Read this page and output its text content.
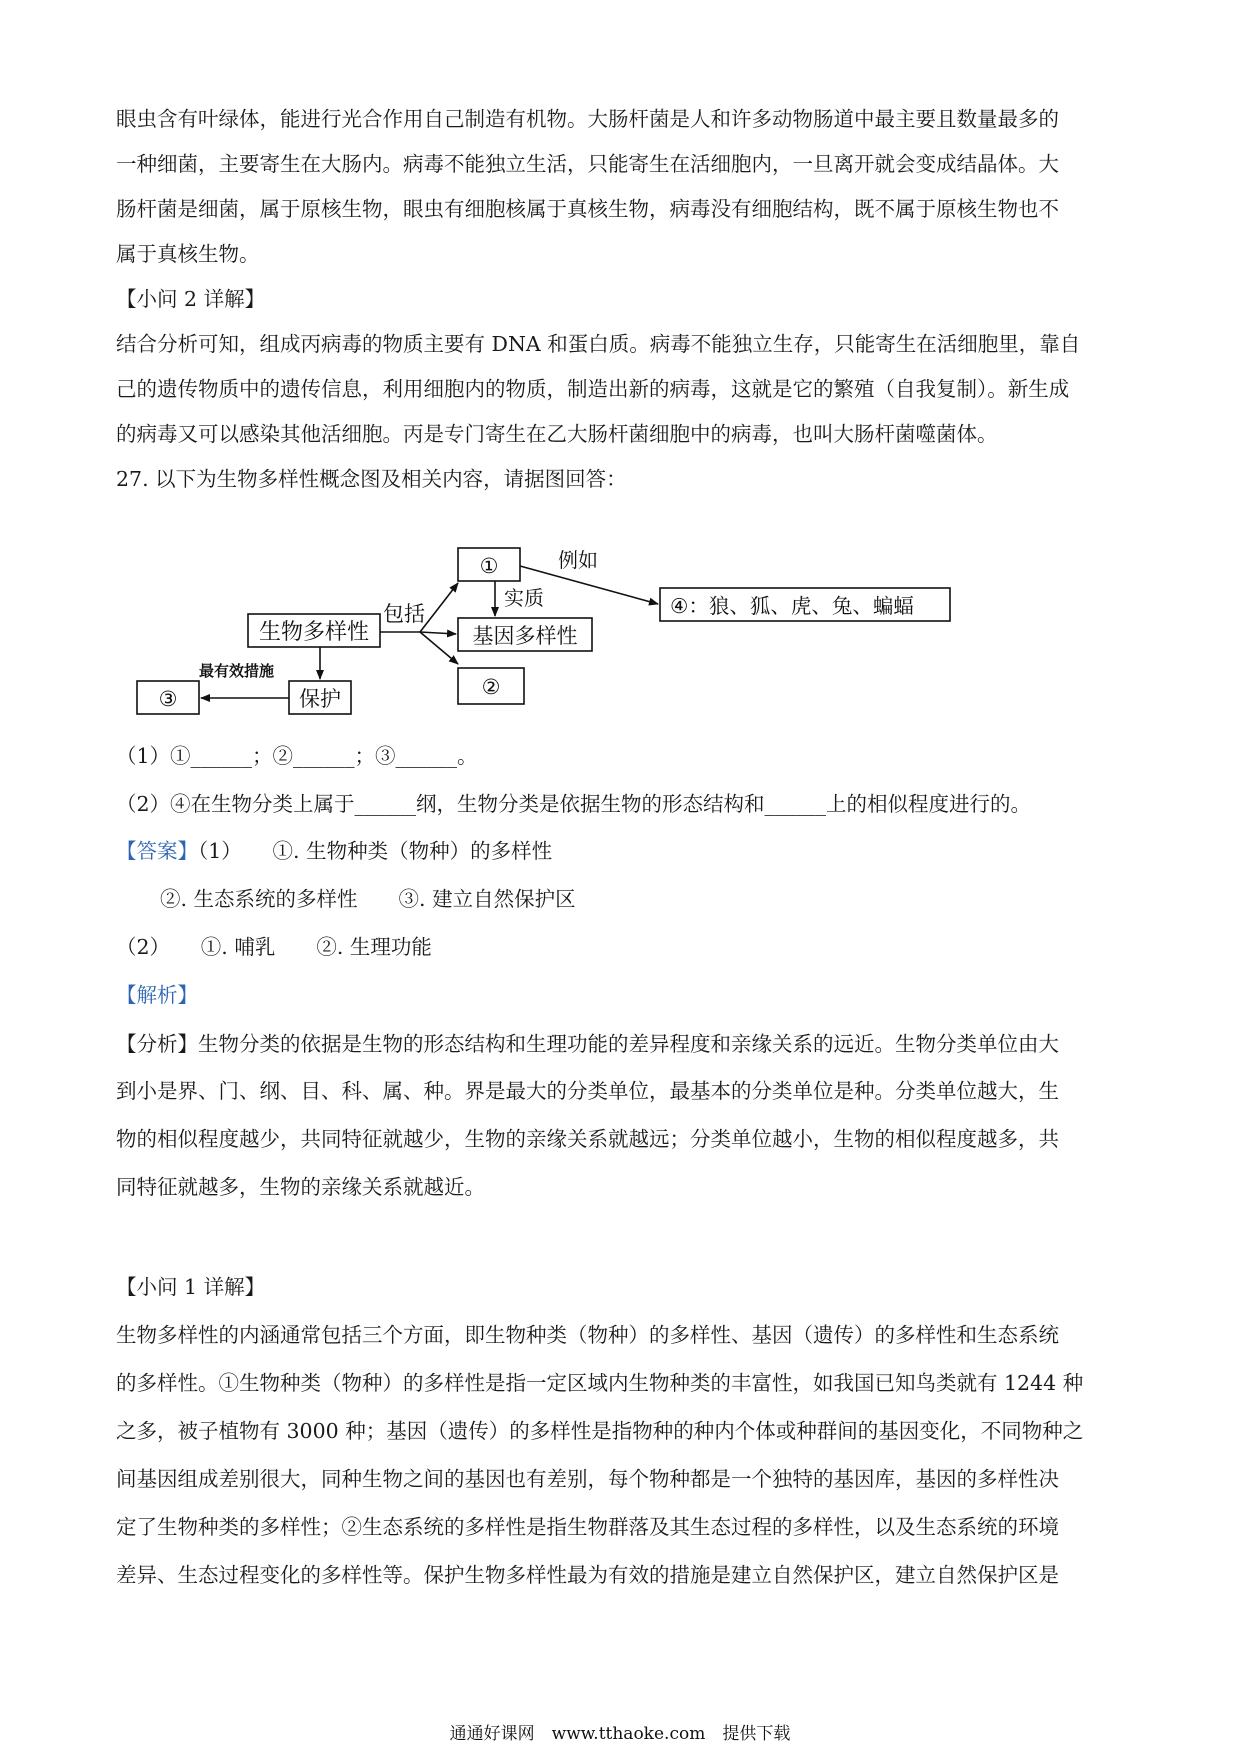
眼虫含有叶绿体，能进行光合作用自己制造有机物。大肠杆菌是人和许多动物肠道中最主要且数量最多的
一种细菌，主要寄生在大肠内。病毒不能独立生活，只能寄生在活细胞内，一旦离开就会变成结晶体。大
肠杆菌是细菌，属于原核生物，眼虫有细胞核属于真核生物，病毒没有细胞结构，既不属于原核生物也不
属于真核生物。
【小问 2 详解】
结合分析可知，组成丙病毒的物质主要有 DNA 和蛋白质。病毒不能独立生存，只能寄生在活细胞里，靠自
己的遗传物质中的遗传信息，利用细胞内的物质，制造出新的病毒，这就是它的繁殖（自我复制）。新生成
的病毒又可以感染其他活细胞。丙是专门寄生在乙大肠杆菌细胞中的病毒，也叫大肠杆菌噬菌体。
27. 以下为生物多样性概念图及相关内容，请据图回答：
①	例如
④：狼、狐、虎、兔、蝙蝠
实质
包括
生物多样性	基因多样性
②
最有效措施
保护
③
（1）①______；②______；③______。
（2）④在生物分类上属于______纲，生物分类是依据生物的形态结构和______上的相似程度进行的。
【答案】（1）　　①. 生物种类（物种）的多样性
②. 生态系统的多样性　　③. 建立自然保护区
（2）　　①. 哺乳　　②. 生理功能
【解析】
【分析】生物分类的依据是生物的形态结构和生理功能的差异程度和亲缘关系的远近。生物分类单位由大
到小是界、门、纲、目、科、属、种。界是最大的分类单位，最基本的分类单位是种。分类单位越大，生
物的相似程度越少，共同特征就越少，生物的亲缘关系就越远；分类单位越小，生物的相似程度越多，共
同特征就越多，生物的亲缘关系就越近。
【小问 1 详解】
生物多样性的内涵通常包括三个方面，即生物种类（物种）的多样性、基因（遗传）的多样性和生态系统
的多样性。①生物种类（物种）的多样性是指一定区域内生物种类的丰富性，如我国已知鸟类就有 1244 种
之多，被子植物有 3000 种；基因（遗传）的多样性是指物种的种内个体或种群间的基因变化，不同物种之
间基因组成差别很大，同种生物之间的基因也有差别，每个物种都是一个独特的基因库，基因的多样性决
定了生物种类的多样性；②生态系统的多样性是指生物群落及其生态过程的多样性，以及生态系统的环境
差异、生态过程变化的多样性等。保护生物多样性最为有效的措施是建立自然保护区，建立自然保护区是
通通好课网　www.tthaoke.com　提供下载
